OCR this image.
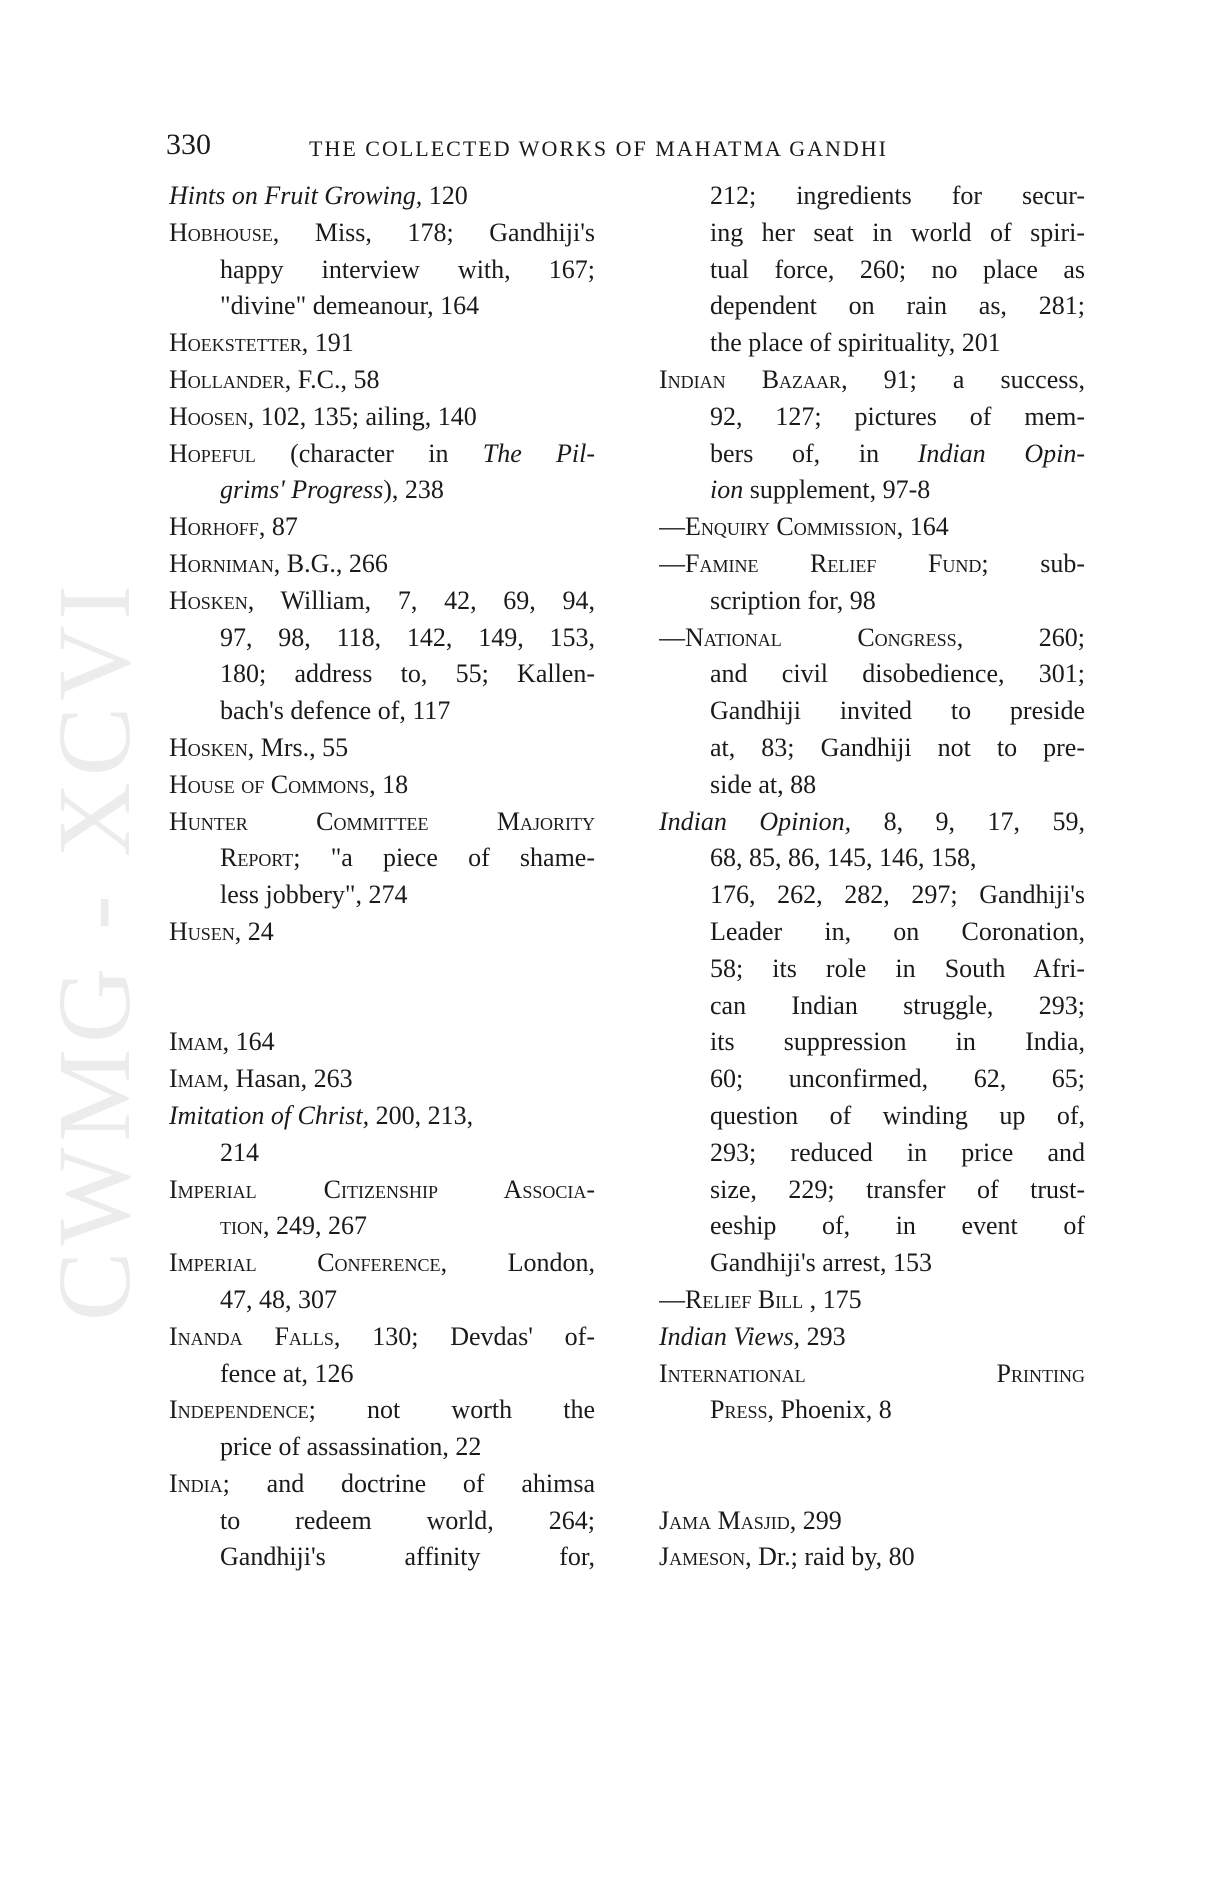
CWMG - XCVI
330	THE COLLECTED WORKS OF MAHATMA GANDHI
Hints on Fruit Growing, 120
Hobhouse, Miss, 178; Gandhiji's
happy interview with, 167;
"divine" demeanour, 164
Hoekstetter, 191
Hollander, F.C., 58
Hoosen, 102, 135; ailing, 140
Hopeful (character in The Pil-
grims' Progress), 238
Horhoff, 87
Horniman, B.G., 266
Hosken, William, 7, 42, 69, 94,
97, 98, 118, 142, 149, 153,
180; address to, 55; Kallen-
bach's defence of, 117
Hosken, Mrs., 55
House of Commons, 18
Hunter Committee Majority
Report; "a piece of shame-
less jobbery", 274
Husen, 24

Imam, 164
Imam, Hasan, 263
Imitation of Christ, 200, 213,
214
Imperial Citizenship Associa-
tion, 249, 267
Imperial Conference, London,
47, 48, 307
Inanda Falls, 130; Devdas' of-
fence at, 126
Independence; not worth the
price of assassination, 22
India; and doctrine of ahimsa
to redeem world, 264;
Gandhiji's affinity for,
212; ingredients for secur-
ing her seat in world of spiri-
tual force, 260; no place as
dependent on rain as, 281;
the place of spirituality, 201
Indian Bazaar, 91; a success,
92, 127; pictures of mem-
bers of, in Indian Opin-
ion supplement, 97-8
—Enquiry Commission, 164
—Famine Relief Fund; sub-
scription for, 98
—National Congress, 260;
and civil disobedience, 301;
Gandhiji invited to preside
at, 83; Gandhiji not to pre-
side at, 88
Indian Opinion, 8, 9, 17, 59,
68, 85, 86, 145, 146, 158,
176, 262, 282, 297; Gandhiji's
Leader in, on Coronation,
58; its role in South Afri-
can Indian struggle, 293;
its suppression in India,
60; unconfirmed, 62, 65;
question of winding up of,
293; reduced in price and
size, 229; transfer of trust-
eeship of, in event of
Gandhiji's arrest, 153
—Relief Bill , 175
Indian Views, 293
International Printing
Press, Phoenix, 8

Jama Masjid, 299
Jameson, Dr.; raid by, 80
